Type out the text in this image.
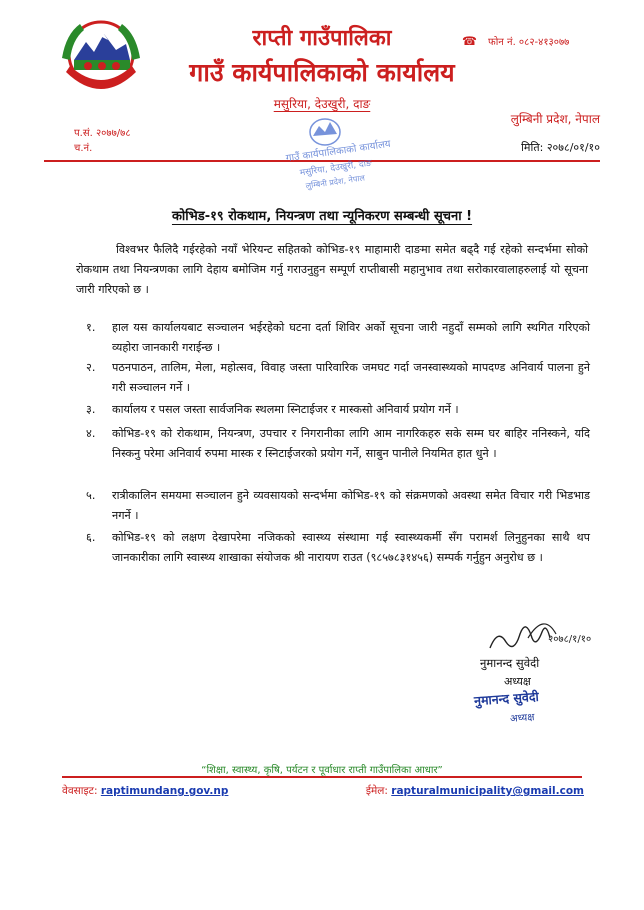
राप्ती गाउँपालिका
गाउँ कार्यपालिकाको कार्यालय
मसुरिया, देउखुरी, दाङ
☎ फोन नं. ०८२-४१३०७७
लुम्बिनी प्रदेश, नेपाल
प.सं. २०७७/७८
च.नं.	मिति: २०७८/०१/१०
गाउँ कार्यपालिकाको कार्यालय
मसुरिया, देउखुरी, दाङ
लुम्बिनी प्रदेश, नेपाल
कोभिड-१९ रोकथाम, नियन्त्रण तथा न्यूनिकरण सम्बन्धी सूचना !
विश्वभर फैलिदै गईरहेको नयाँ भेरियन्ट सहितको कोभिड-१९ माहामारी दाङमा समेत बढ्दै गई रहेको सन्दर्भमा सोको रोकथाम तथा नियन्त्रणका लागि देहाय बमोजिम गर्नु गराउनुहुन सम्पूर्ण राप्तीबासी महानुभाव तथा सरोकारवालाहरुलाई यो सूचना जारी गरिएको छ ।
१.	हाल यस कार्यालयबाट सञ्चालन भईरहेको घटना दर्ता शिविर अर्को सूचना जारी नहुदाँ सम्मको लागि स्थगित गरिएको व्यहोरा जानकारी गराईन्छ ।
२.	पठनपाठन, तालिम, मेला, महोत्सव, विवाह जस्ता पारिवारिक जमघट गर्दा जनस्वास्थ्यको मापदण्ड अनिवार्य पालना हुने गरी सञ्चालन गर्ने ।
३.	कार्यालय र पसल जस्ता सार्वजनिक स्थलमा स्निटाईजर र मास्कसो अनिवार्य प्रयोग गर्ने ।
४.	कोभिड-१९ को रोकथाम, नियन्त्रण, उपचार र निगरानीका लागि आम नागरिकहरु सके सम्म घर बाहिर ननिस्कने, यदि निस्कनु परेमा अनिवार्य रुपमा मास्क र स्निटाईजरको प्रयोग गर्ने, साबुन पानीले नियमित हात धुने ।
५.	रात्रीकालिन समयमा सञ्चालन हुने व्यवसायको सन्दर्भमा कोभिड-१९ को संक्रमणको अवस्था समेत विचार गरी भिडभाड नगर्ने ।
६.	कोभिड-१९ को लक्षण देखापरेमा नजिकको स्वास्थ्य संस्थामा गई स्वास्थ्यकर्मी सँग परामर्श लिनुहुनका साथै थप जानकारीका लागि स्वास्थ्य शाखाका संयोजक श्री नारायण राउत (९८५७८३१४५६) सम्पर्क गर्नुहुन अनुरोध छ ।
२०७८/१/१०
नुमानन्द सुवेदी
अध्यक्ष
नुमानन्द सुवेदी
अध्यक्ष
“शिक्षा, स्वास्थ्य, कृषि, पर्यटन र पूर्वाधार राप्ती गाउँपालिका आधार”
वेवसाइट: raptimundang.gov.np	ईमेल: rapturalmunicipality@gmail.com
